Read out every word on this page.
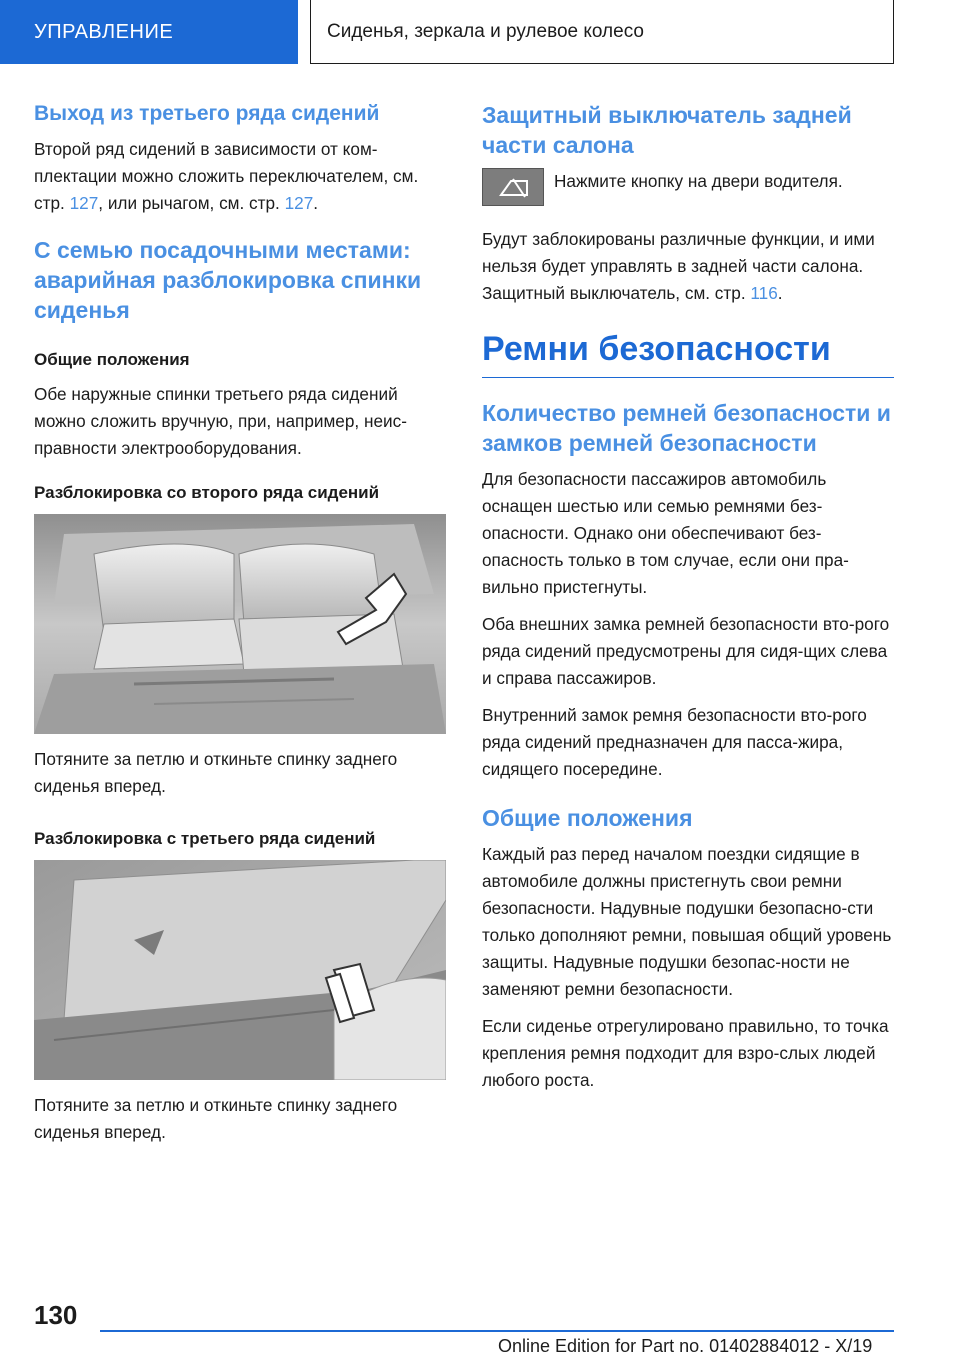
УПРАВЛЕНИЕ	Сиденья, зеркала и рулевое колесо
Выход из третьего ряда сидений

Второй ряд сидений в зависимости от ком-плектации можно сложить переключателем, см. стр. 127, или рычагом, см. стр. 127.

С семью посадочными местами: аварийная разблокировка спинки сиденья
Общие положения

Обе наружные спинки третьего ряда сидений можно сложить вручную, при, например, неис-правности электрооборудования.

Разблокировка со второго ряда сидений

Потяните за петлю и откиньте спинку заднего сиденья вперед.

Разблокировка с третьего ряда сидений

Потяните за петлю и откиньте спинку заднего сиденья вперед.

Защитный выключатель задней части салона
Нажмите кнопку на двери водителя.

Будут заблокированы различные функции, и ими нельзя будет управлять в задней части салона. Защитный выключатель, см. стр. 116.

Ремни безопасности
Количество ремней безопасности и замков ремней безопасности

Для безопасности пассажиров автомобиль оснащен шестью или семью ремнями без-опасности. Однако они обеспечивают без-опасность только в том случае, если они пра-вильно пристегнуты.

Оба внешних замка ремней безопасности вто-рого ряда сидений предусмотрены для сидя-щих слева и справа пассажиров.

Внутренний замок ремня безопасности вто-рого ряда сидений предназначен для пасса-жира, сидящего посередине.

Общие положения

Каждый раз перед началом поездки сидящие в автомобиле должны пристегнуть свои ремни безопасности. Надувные подушки безопасно-сти только дополняют ремни, повышая общий уровень защиты. Надувные подушки безопас-ности не заменяют ремни безопасности.

Если сиденье отрегулировано правильно, то точка крепления ремня подходит для взро-слых людей любого роста.

130
Online Edition for Part no. 01402884012 - X/19
